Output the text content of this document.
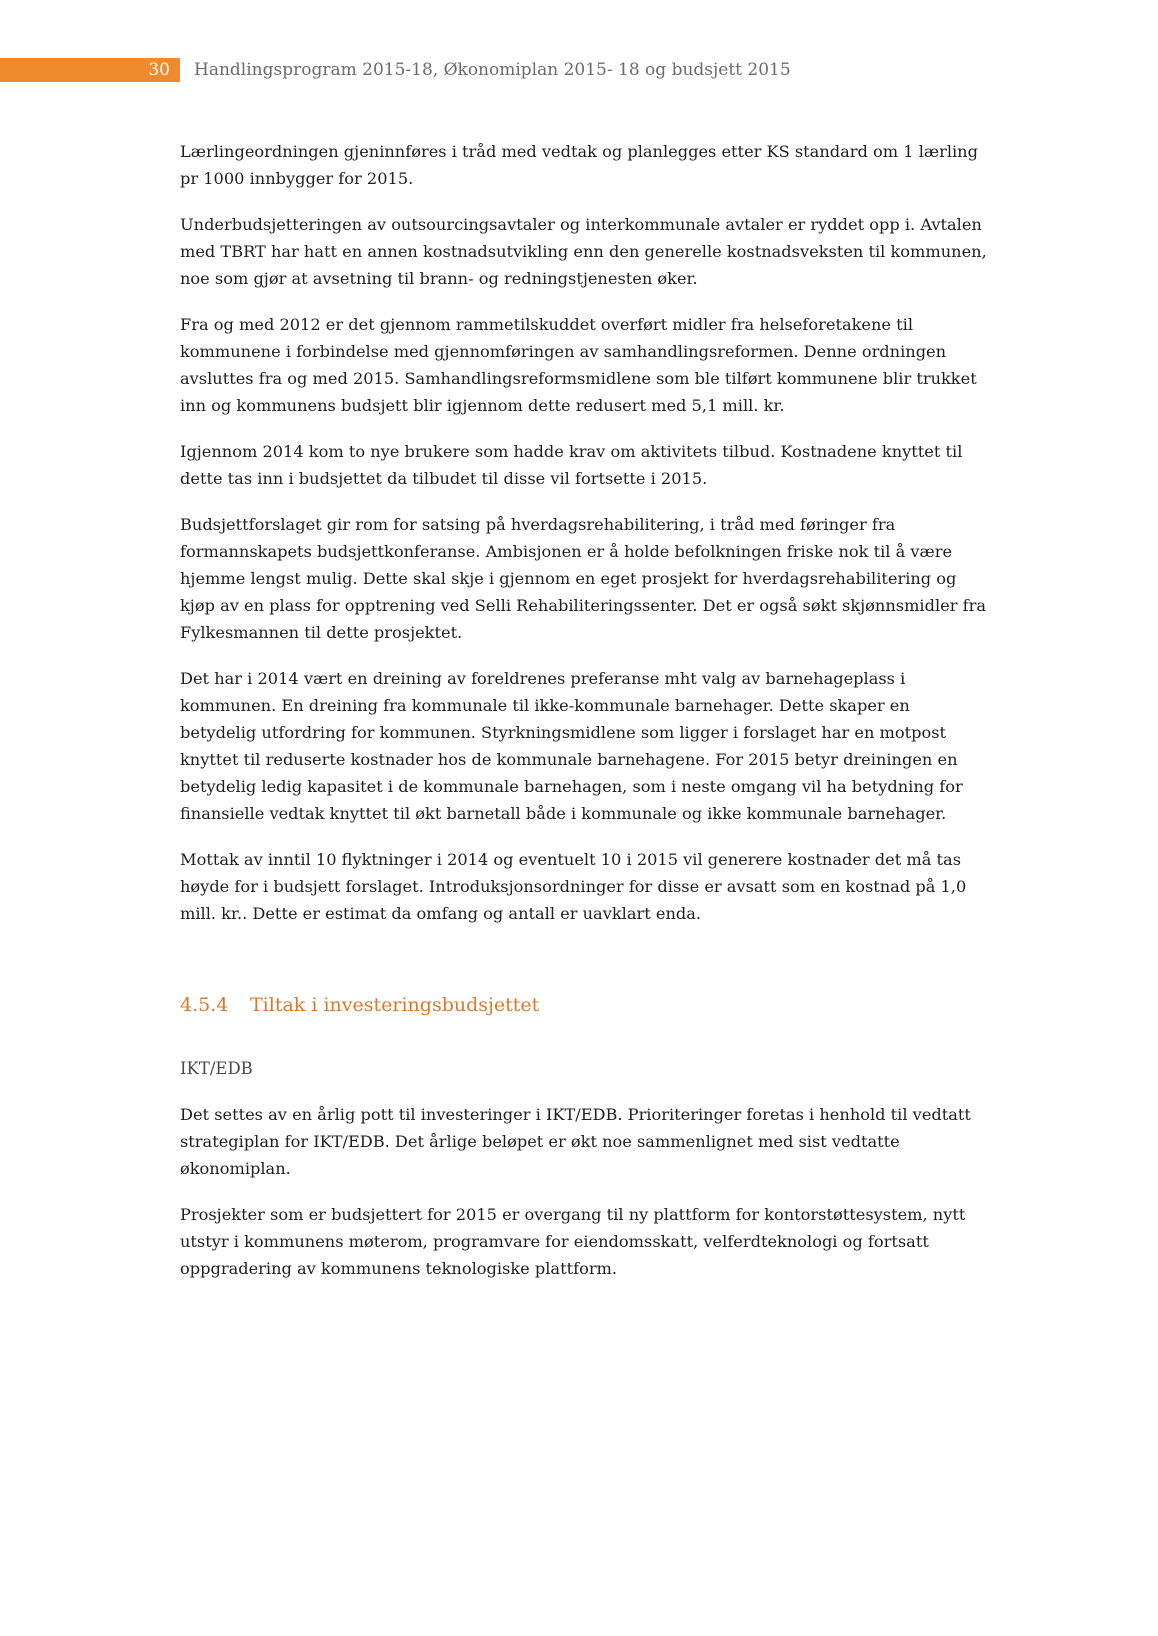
30 Handlingsprogram 2015-18, Økonomiplan 2015- 18 og budsjett 2015

Lærlingeordningen gjeninnføres i tråd med vedtak og planlegges etter KS standard om 1 lærling pr 1000 innbygger for 2015.

Underbudsjetteringen av outsourcingsavtaler og interkommunale avtaler er ryddet opp i. Avtalen med TBRT har hatt en annen kostnadsutvikling enn den generelle kostnadsveksten til kommunen, noe som gjør at avsetning til brann- og redningstjenesten øker.

Fra og med 2012 er det gjennom rammetilskuddet overført midler fra helseforetakene til kommunene i forbindelse med gjennomføringen av samhandlingsreformen. Denne ordningen avsluttes fra og med 2015. Samhandlingsreformsmidlene som ble tilført kommunene blir trukket inn og kommunens budsjett blir igjennom dette redusert med 5,1 mill. kr.

Igjennom 2014 kom to nye brukere som hadde krav om aktivitets tilbud. Kostnadene knyttet til dette tas inn i budsjettet da tilbudet til disse vil fortsette i 2015.

Budsjettforslaget gir rom for satsing på hverdagsrehabilitering, i tråd med føringer fra formannskapets budsjettkonferanse. Ambisjonen er å holde befolkningen friske nok til å være hjemme lengst mulig. Dette skal skje i gjennom en eget prosjekt for hverdagsrehabilitering og kjøp av en plass for opptrening ved Selli Rehabiliteringssenter. Det er også søkt skjønnsmidler fra Fylkesmannen til dette prosjektet.

Det har i 2014 vært en dreining av foreldrenes preferanse mht valg av barnehageplass i kommunen. En dreining fra kommunale til ikke-kommunale barnehager. Dette skaper en betydelig utfordring for kommunen. Styrkningsmidlene som ligger i forslaget har en motpost knyttet til reduserte kostnader hos de kommunale barnehagene. For 2015 betyr dreiningen en betydelig ledig kapasitet i de kommunale barnehagen, som i neste omgang vil ha betydning for finansielle vedtak knyttet til økt barnetall både i kommunale og ikke kommunale barnehager.

Mottak av inntil 10 flyktninger i 2014 og eventuelt 10 i 2015 vil generere kostnader det må tas høyde for i budsjett forslaget. Introduksjonsordninger for disse er avsatt som en kostnad på 1,0 mill. kr.. Dette er estimat da omfang og antall er uavklart enda.

4.5.4 Tiltak i investeringsbudsjettet
IKT/EDB

Det settes av en årlig pott til investeringer i IKT/EDB. Prioriteringer foretas i henhold til vedtatt strategiplan for IKT/EDB. Det årlige beløpet er økt noe sammenlignet med sist vedtatte økonomiplan.

Prosjekter som er budsjettert for 2015 er overgang til ny plattform for kontorstøttesystem, nytt utstyr i kommunens møterom, programvare for eiendomsskatt, velferdteknologi og fortsatt oppgradering av kommunens teknologiske plattform.
